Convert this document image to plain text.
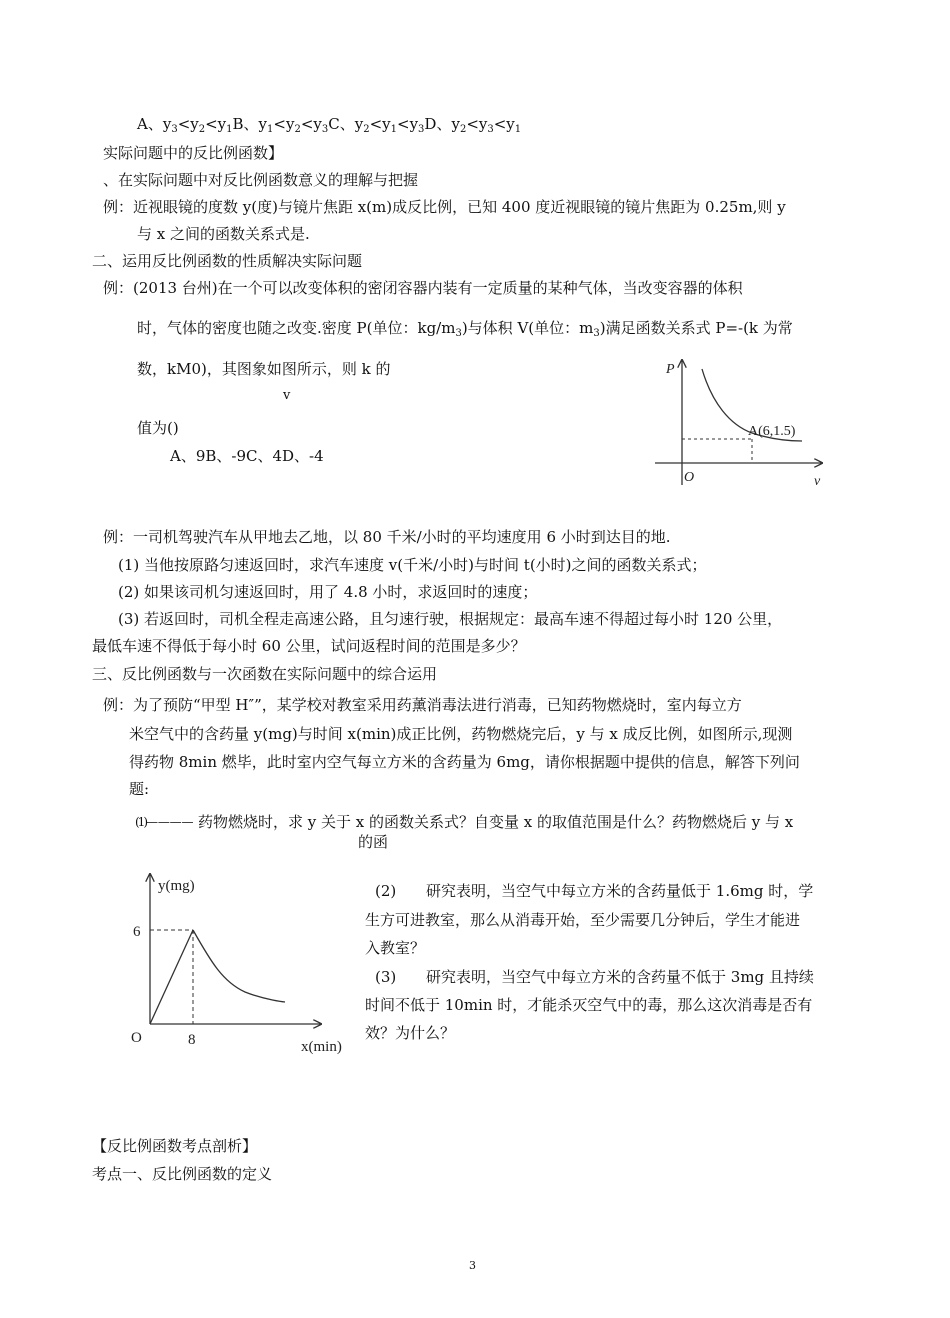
A、$y_3<y_2<y_1B$、$y_1<y_2<y_3C$、$y_2<y_1<y_3D$、$y_2<y_3<y_1$
实际问题中的反比例函数】
、在实际问题中对反比例函数意义的理解与把握
例：近视眼镜的度数 y(度)与镜片焦距 x(m)成反比例，已知 400 度近视眼镜的镜片焦距为 0.25m,则 y
与 x 之间的函数关系式是.
二、运用反比例函数的性质解决实际问题
例：(2013 台州)在一个可以改变体积的密闭容器内装有一定质量的某种气体，当改变容器的体积
时，气体的密度也随之改变.密度 P(单位：$kg/m_3$)与体积 V(单位：$m_3$)满足函数关系式 P=-(k 为常
数，kM0)，其图象如图所示，则 k 的
v
值为()
A、9B、-9C、4D、-4
P
v
O
A(6,1.5)
例：一司机驾驶汽车从甲地去乙地，以 80 千米/小时的平均速度用 6 小时到达目的地.
(1) 当他按原路匀速返回时，求汽车速度 v(千米/小时)与时间 t(小时)之间的函数关系式；
(2) 如果该司机匀速返回时，用了 4.8 小时，求返回时的速度；
(3) 若返回时，司机全程走高速公路，且匀速行驶，根据规定：最高车速不得超过每小时 120 公里，
最低车速不得低于每小时 60 公里，试问返程时间的范围是多少？
三、反比例函数与一次函数在实际问题中的综合运用
例：为了预防“甲型 H″”，某学校对教室采用药薰消毒法进行消毒，已知药物燃烧时，室内每立方
米空气中的含药量 y(mg)与时间 x(min)成正比例，药物燃烧完后，y 与 x 成反比例，如图所示,现测
得药物 8min 燃毕，此时室内空气每立方米的含药量为 6mg，请你根据题中提供的信息，解答下列问
题:
(1)— — — — 药物燃烧时，求 y 关于 x 的函数关系式？自变量 x 的取值范围是什么？药物燃烧后 y 与 x
的函
y(mg)
x(min)
O
6
8
(2) 研究表明，当空气中每立方米的含药量低于 1.6mg 时，学
生方可进教室，那么从消毒开始，至少需要几分钟后，学生才能进
入教室？
(3) 研究表明，当空气中每立方米的含药量不低于 3mg 且持续
时间不低于 10min 时，才能杀灭空气中的毒，那么这次消毒是否有
效？为什么？
【反比例函数考点剖析】
考点一、反比例函数的定义
3
